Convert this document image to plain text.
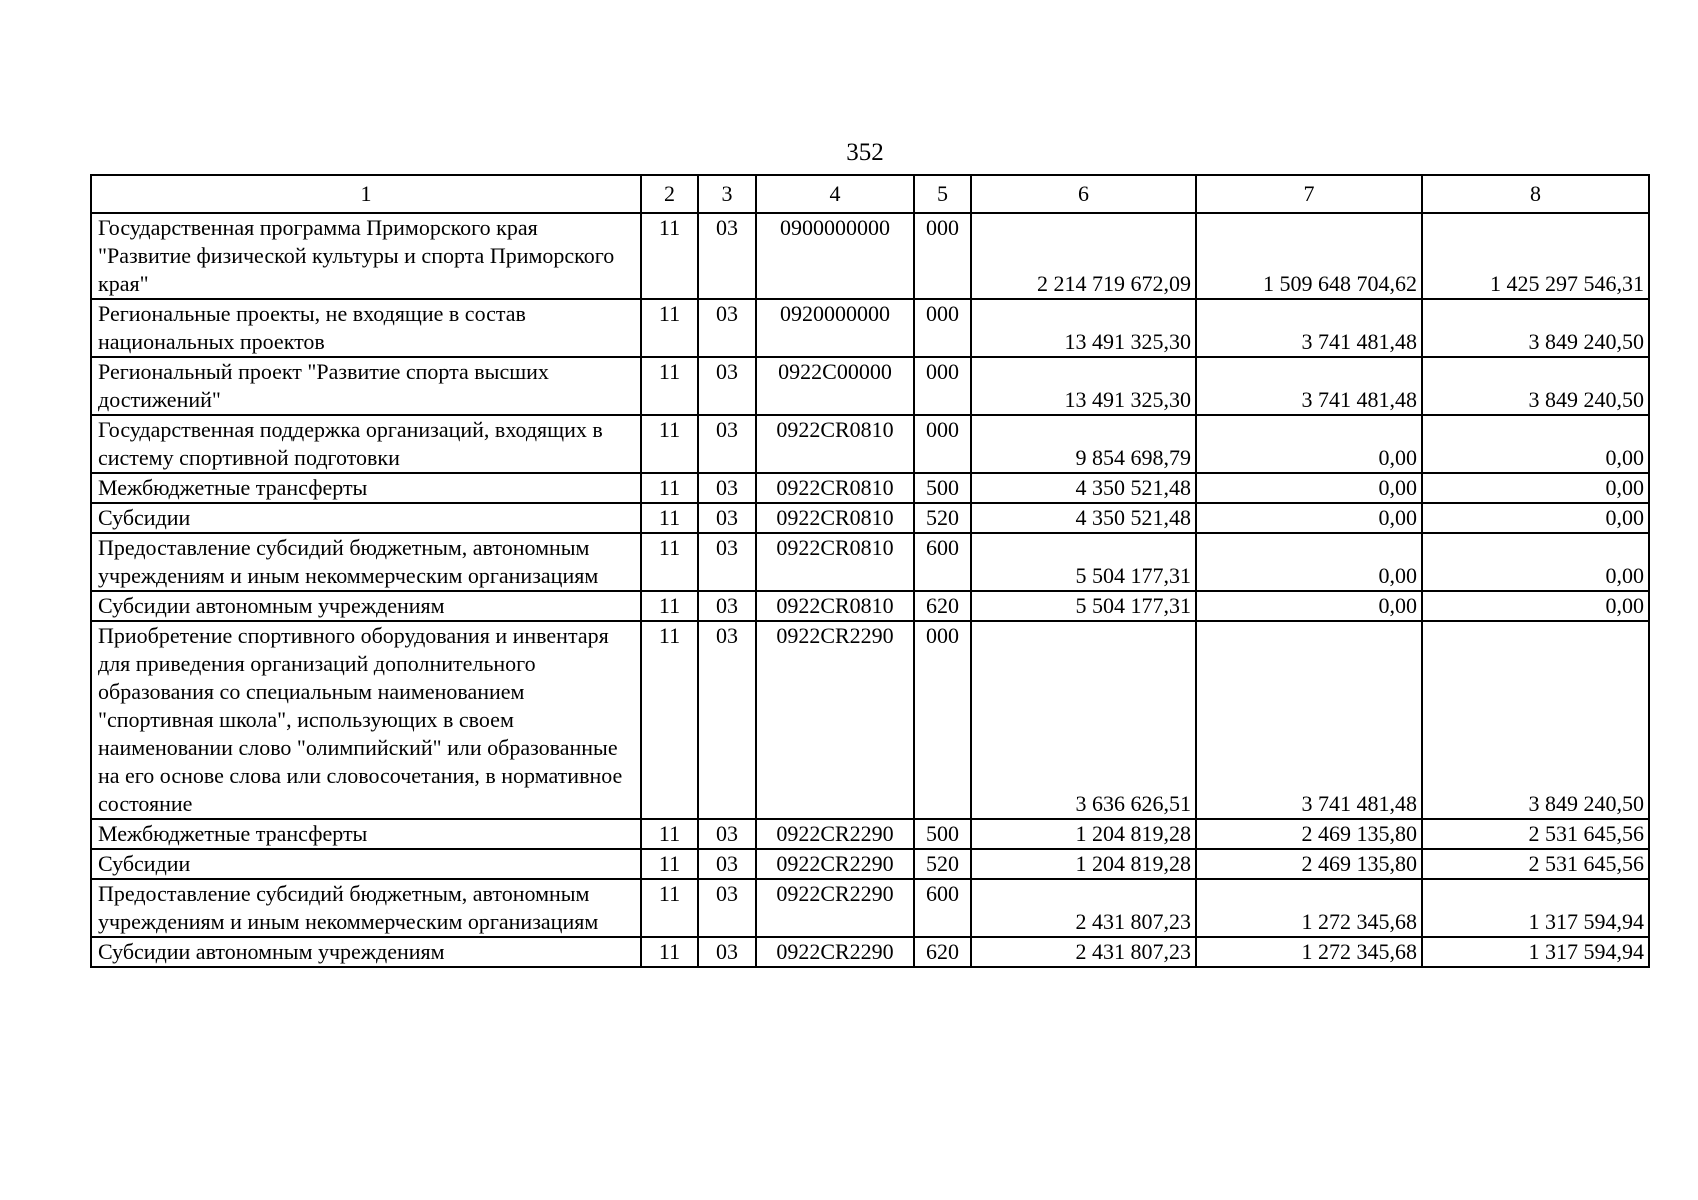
352
1	2	3	4	5	6	7	8
Государственная программа Приморского края "Развитие физической культуры и спорта Приморского края"	11	03	0900000000	000	2 214 719 672,09	1 509 648 704,62	1 425 297 546,31
Региональные проекты, не входящие в состав национальных проектов	11	03	0920000000	000	13 491 325,30	3 741 481,48	3 849 240,50
Региональный проект "Развитие спорта высших достижений"	11	03	0922C00000	000	13 491 325,30	3 741 481,48	3 849 240,50
Государственная поддержка организаций, входящих в систему спортивной подготовки	11	03	0922CR0810	000	9 854 698,79	0,00	0,00
Межбюджетные трансферты	11	03	0922CR0810	500	4 350 521,48	0,00	0,00
Субсидии	11	03	0922CR0810	520	4 350 521,48	0,00	0,00
Предоставление субсидий бюджетным, автономным учреждениям и иным некоммерческим организациям	11	03	0922CR0810	600	5 504 177,31	0,00	0,00
Субсидии автономным учреждениям	11	03	0922CR0810	620	5 504 177,31	0,00	0,00
Приобретение спортивного оборудования и инвентаря для приведения организаций дополнительного образования со специальным наименованием "спортивная школа", использующих в своем наименовании слово "олимпийский" или образованные на его основе слова или словосочетания, в нормативное состояние	11	03	0922CR2290	000	3 636 626,51	3 741 481,48	3 849 240,50
Межбюджетные трансферты	11	03	0922CR2290	500	1 204 819,28	2 469 135,80	2 531 645,56
Субсидии	11	03	0922CR2290	520	1 204 819,28	2 469 135,80	2 531 645,56
Предоставление субсидий бюджетным, автономным учреждениям и иным некоммерческим организациям	11	03	0922CR2290	600	2 431 807,23	1 272 345,68	1 317 594,94
Субсидии автономным учреждениям	11	03	0922CR2290	620	2 431 807,23	1 272 345,68	1 317 594,94
